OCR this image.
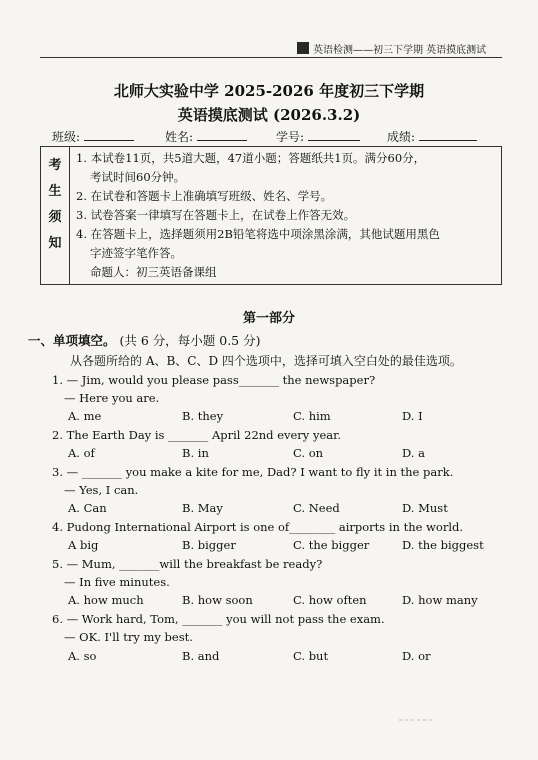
英语检测——初三下学期 英语摸底测试
北师大实验中学 2025-2026 年度初三下学期
英语摸底测试 (2026.3.2)
班级:	姓名:	学号:	成绩:
考
生
须
知

1. 本试卷11页，共5道大题，47道小题；答题纸共1页。满分60分，
考试时间60分钟。
2. 在试卷和答题卡上准确填写班级、姓名、学号。
3. 试卷答案一律填写在答题卡上，在试卷上作答无效。
4. 在答题卡上，选择题须用2B铅笔将选中项涂黑涂满，其他试题用黑色
字迹签字笔作答。
命题人：初三英语备课组
第一部分
一、单项填空。 (共 6 分，每小题 0.5 分)
从各题所给的 A、B、C、D 四个选项中，选择可填入空白处的最佳选项。
1. — Jim, would you please pass_______ the newspaper?
— Here you are.
A. me	B. they	C. him	D. I
2. The Earth Day is _______ April 22nd every year.
A. of	B. in	C. on	D. a
3. — _______ you make a kite for me, Dad? I want to fly it in the park.
— Yes, I can.
A. Can	B. May	C. Need	D. Must
4. Pudong International Airport is one of________ airports in the world.
A big	B. bigger	C. the bigger	D. the biggest
5. — Mum, _______will the breakfast be ready?
— In five minutes.
A. how much	B. how soon	C. how often	D. how many
6. — Work hard, Tom, _______ you will not pass the exam.
— OK. I'll try my best.
A. so	B. and	C. but	D. or
